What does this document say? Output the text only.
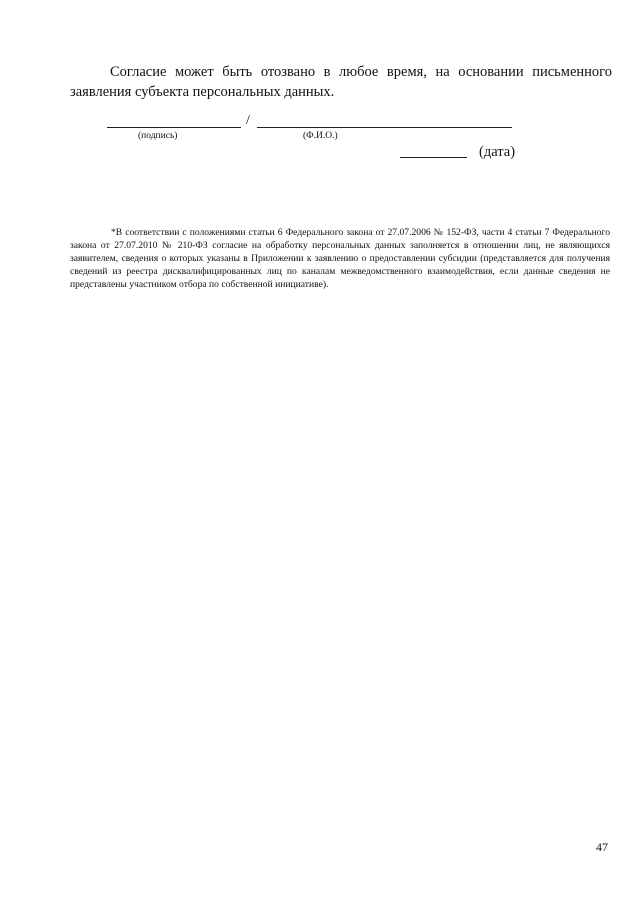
Согласие может быть отозвано в любое время, на основании письменного заявления субъекта персональных данных.

/
(подпись)	(Ф.И.О.)
(дата)

*В соответствии с положениями статьи 6 Федерального закона от 27.07.2006 № 152-ФЗ, части 4 статьи 7 Федерального закона от 27.07.2010 № 210-ФЗ согласие на обработку персональных данных заполняется в отношении лиц, не являющихся заявителем, сведения о которых указаны в Приложении к заявлению о предоставлении субсидии (представляется для получения сведений из реестра дисквалифицированных лиц по каналам межведомственного взаимодействия, если данные сведения не представлены участником отбора по собственной инициативе).

47
